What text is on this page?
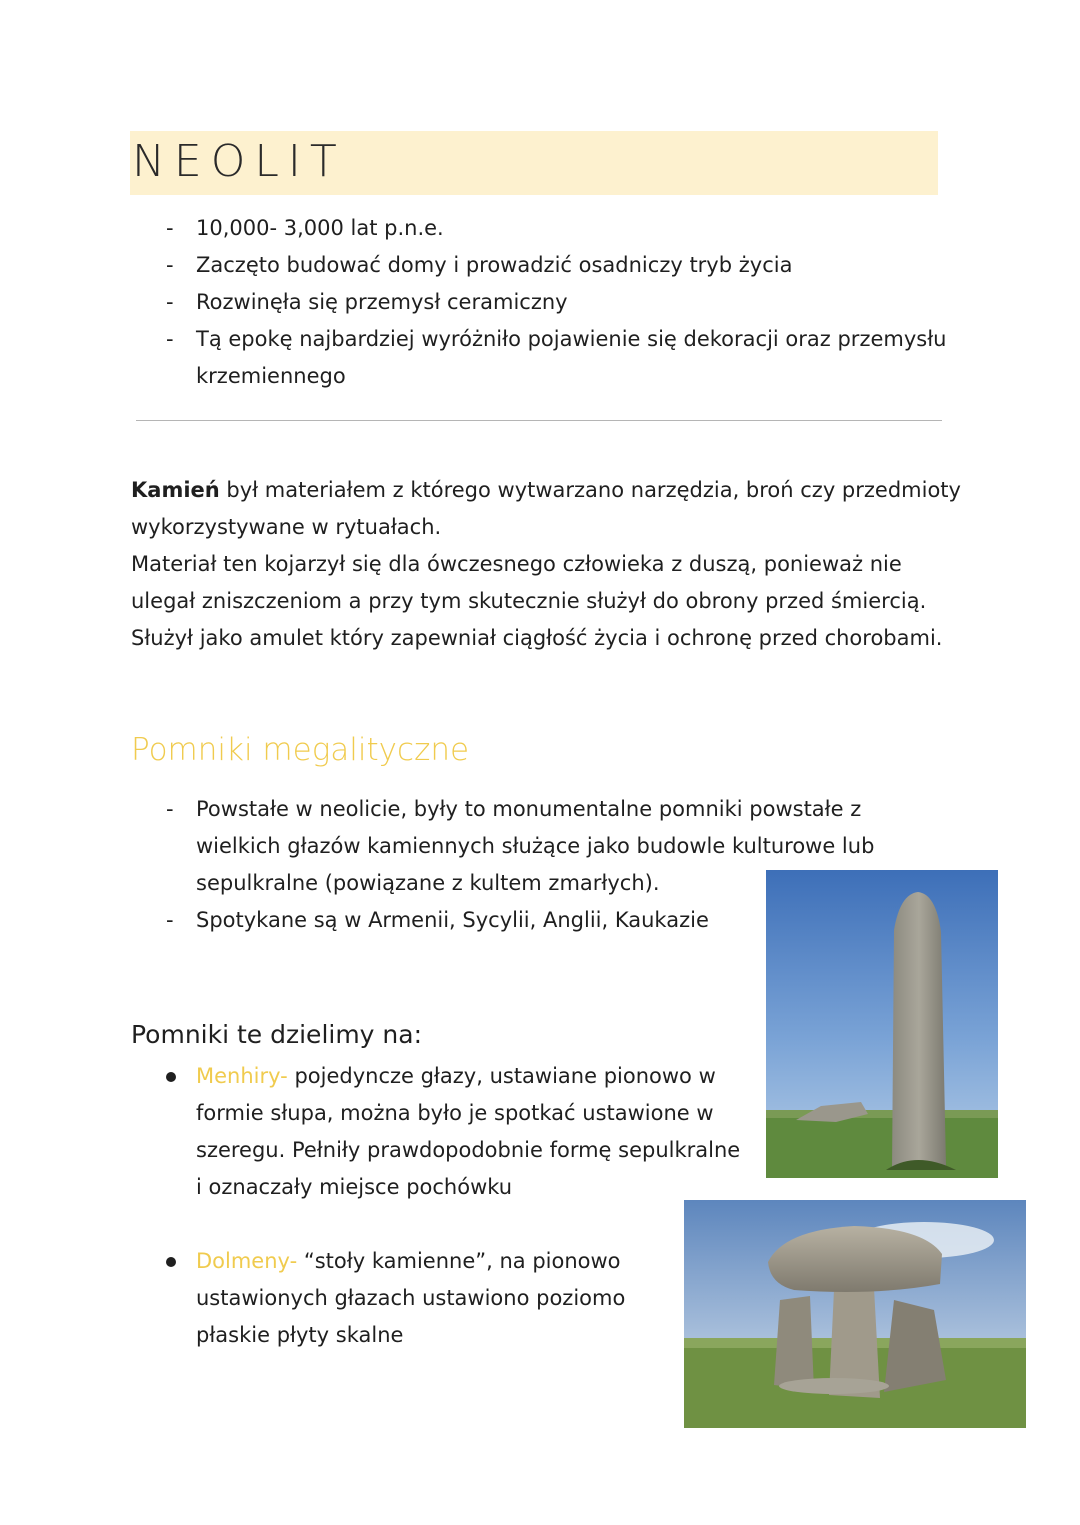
NEOLIT
- 10,000- 3,000 lat p.n.e.
- Zaczęto budować domy i prowadzić osadniczy tryb życia
- Rozwinęła się przemysł ceramiczny
- Tą epokę najbardziej wyróżniło pojawienie się dekoracji oraz przemysłu krzemiennego

Kamień był materiałem z którego wytwarzano narzędzia, broń czy przedmioty wykorzystywane w rytuałach.

Materiał ten kojarzył się dla ówczesnego człowieka z duszą, ponieważ nie ulegał zniszczeniom a przy tym skutecznie służył do obrony przed śmiercią.

Służył jako amulet który zapewniał ciągłość życia i ochronę przed chorobami.

Pomniki megalityczne
- Powstałe w neolicie, były to monumentalne pomniki powstałe z wielkich głazów kamiennych służące jako budowle kulturowe lub sepulkralne (powiązane z kultem zmarłych).
- Spotykane są w Armenii, Sycylii, Anglii, Kaukazie
Pomniki te dzielimy na:
Menhiry- pojedyncze głazy, ustawiane pionowo w formie słupa, można było je spotkać ustawione w szeregu. Pełniły prawdopodobnie formę sepulkralne i oznaczały miejsce pochówku
Dolmeny- “stoły kamienne”, na pionowo ustawionych głazach ustawiono poziomo płaskie płyty skalne
